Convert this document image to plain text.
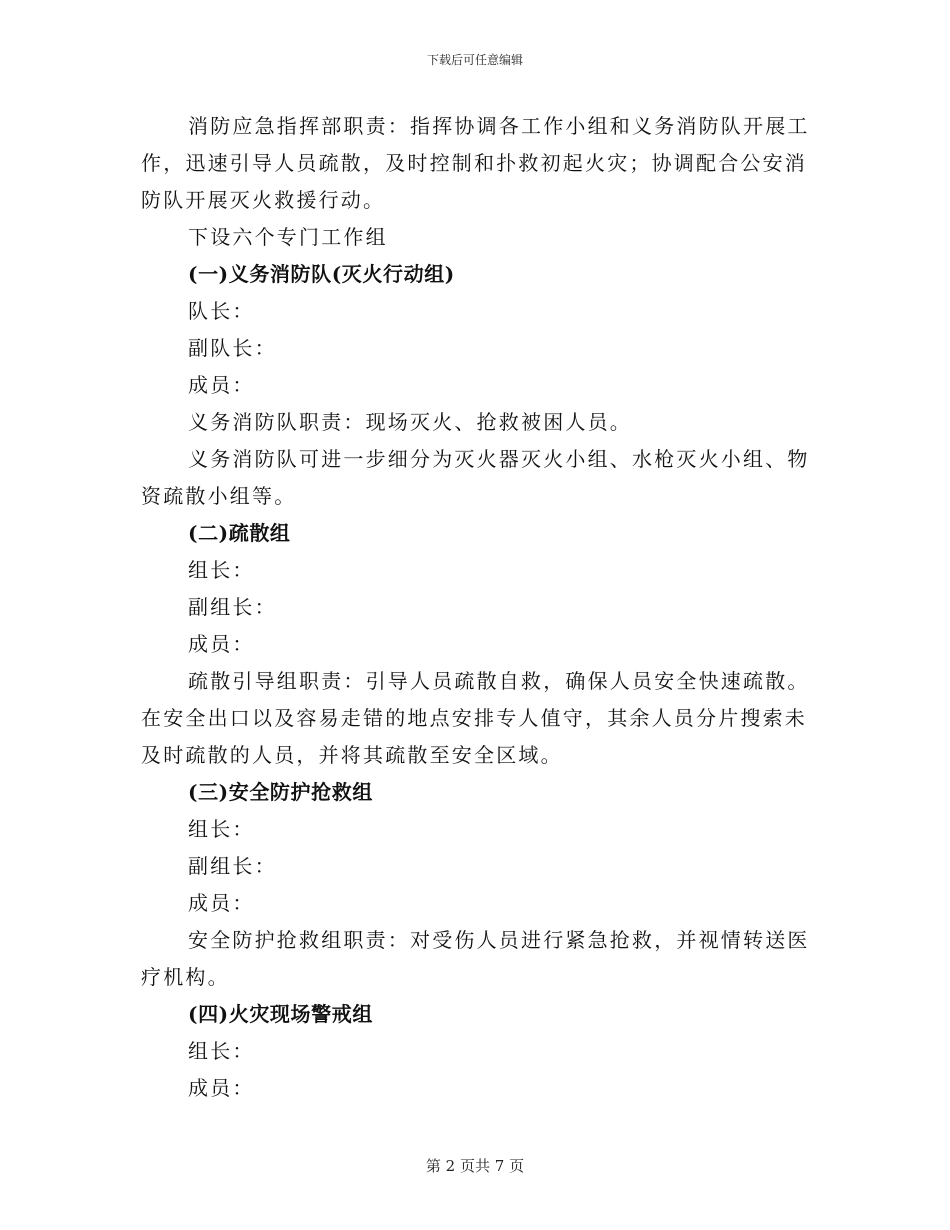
下载后可任意编辑
消防应急指挥部职责：指挥协调各工作小组和义务消防队开展工
作，迅速引导人员疏散，及时控制和扑救初起火灾；协调配合公安消
防队开展灭火救援行动。
下设六个专门工作组
(一)义务消防队(灭火行动组)
队长：
副队长：
成员：
义务消防队职责：现场灭火、抢救被困人员。
义务消防队可进一步细分为灭火器灭火小组、水枪灭火小组、物
资疏散小组等。
(二)疏散组
组长：
副组长：
成员：
疏散引导组职责：引导人员疏散自救，确保人员安全快速疏散。
在安全出口以及容易走错的地点安排专人值守，其余人员分片搜索未
及时疏散的人员，并将其疏散至安全区域。
(三)安全防护抢救组
组长：
副组长：
成员：
安全防护抢救组职责：对受伤人员进行紧急抢救，并视情转送医
疗机构。
(四)火灾现场警戒组
组长：
成员：
第 2 页共 7 页
